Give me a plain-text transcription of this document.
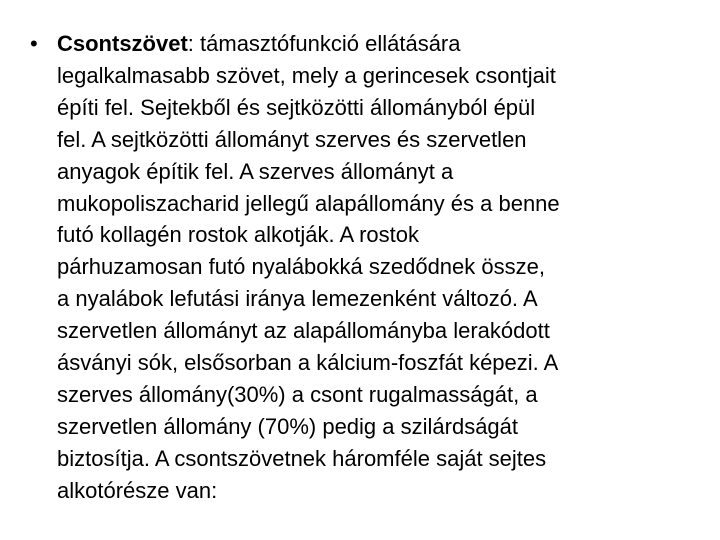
• Csontszövet: támasztófunkció ellátására

legalkalmasabb szövet, mely a gerincesek csontjait

építi fel. Sejtekből és sejtközötti állományból épül

fel. A sejtközötti állományt szerves és szervetlen

anyagok építik fel. A szerves állományt a

mukopoliszacharid jellegű alapállomány és a benne

futó kollagén rostok alkotják. A rostok

párhuzamosan futó nyalábokká szedődnek össze,

a nyalábok lefutási iránya lemezenként változó. A

szervetlen állományt az alapállományba lerakódott

ásványi sók, elsősorban a kálcium-foszfát képezi. A

szerves állomány(30%) a csont rugalmasságát, a

szervetlen állomány (70%) pedig a szilárdságát

biztosítja. A csontszövetnek háromféle saját sejtes

alkotórésze van:
